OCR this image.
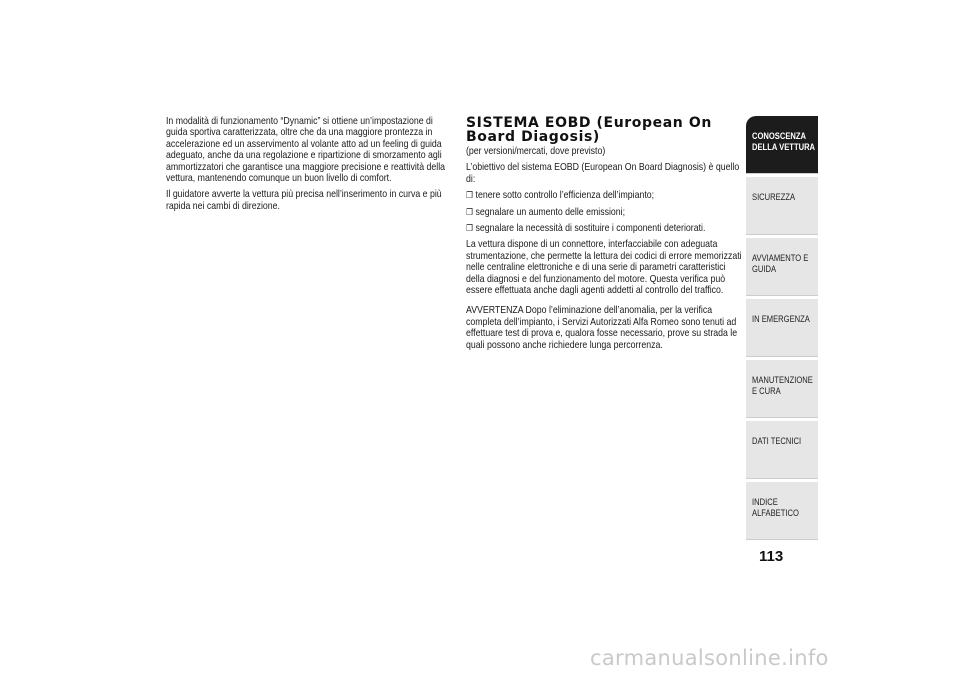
In modalità di funzionamento “Dynamic” si ottiene un’impostazione di guida sportiva caratterizzata, oltre che da una maggiore prontezza in accelerazione ed un asservimento al volante atto ad un feeling di guida adeguato, anche da una regolazione e ripartizione di smorzamento agli ammortizzatori che garantisce una maggiore precisione e reattività della vettura, mantenendo comunque un buon livello di comfort.

Il guidatore avverte la vettura più precisa nell’inserimento in curva e più rapida nei cambi di direzione.

SISTEMA EOBD (European On Board Diagosis)

(per versioni/mercati, dove previsto)

L’obiettivo del sistema EOBD (European On Board Diagnosis) è quello di:

❐ tenere sotto controllo l’efficienza dell’impianto;
❐ segnalare un aumento delle emissioni;
❐ segnalare la necessità di sostituire i componenti deteriorati.

La vettura dispone di un connettore, interfacciabile con adeguata strumentazione, che permette la lettura dei codici di errore memorizzati nelle centraline elettroniche e di una serie di parametri caratteristici della diagnosi e del funzionamento del motore. Questa verifica può essere effettuata anche dagli agenti addetti al controllo del traffico.

AVVERTENZA Dopo l’eliminazione dell’anomalia, per la verifica completa dell’impianto, i Servizi Autorizzati Alfa Romeo sono tenuti ad effettuare test di prova e, qualora fosse necessario, prove su strada le quali possono anche richiedere lunga percorrenza.

CONOSCENZA DELLA VETTURA
SICUREZZA
AVVIAMENTO E GUIDA
IN EMERGENZA
MANUTENZIONE E CURA
DATI TECNICI
INDICE ALFABETICO
113
carmanualsonline.info
